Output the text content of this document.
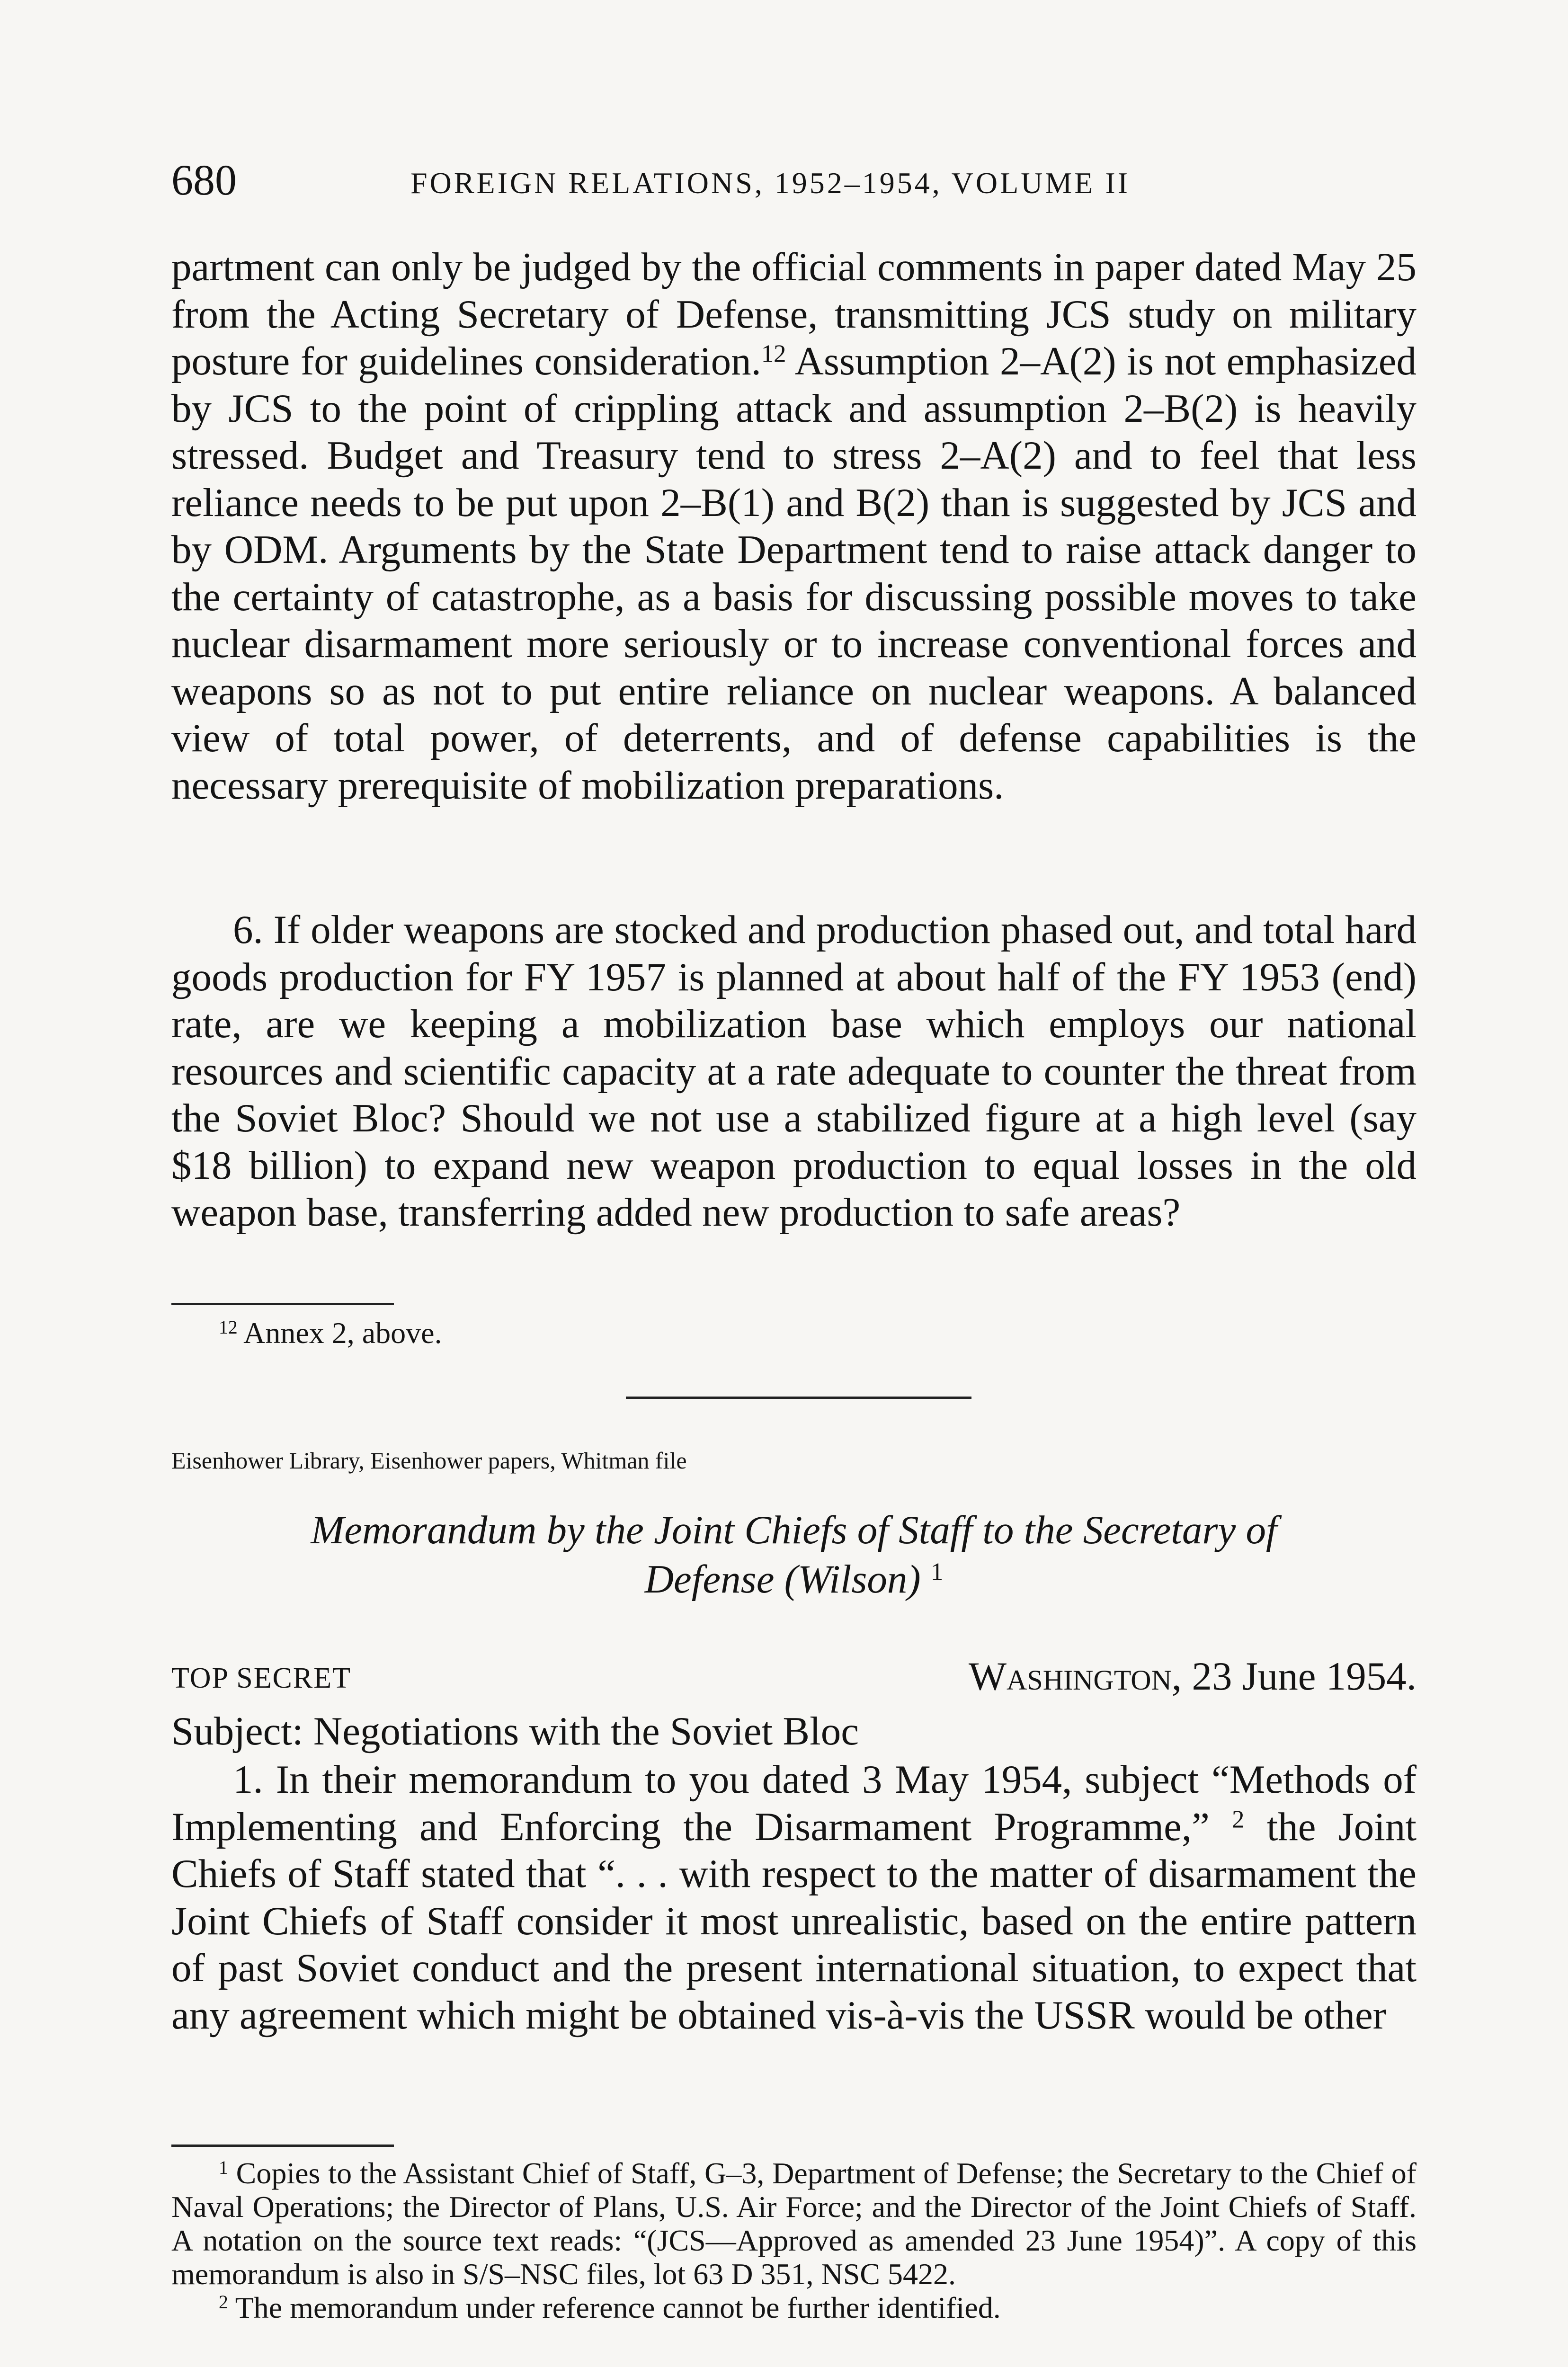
680	FOREIGN RELATIONS, 1952–1954, VOLUME II
partment can only be judged by the official comments in paper dated May 25 from the Acting Secretary of Defense, transmitting JCS study on military posture for guidelines consideration.$^{12}$ Assumption 2–A(2) is not emphasized by JCS to the point of crippling attack and assumption 2–B(2) is heavily stressed. Budget and Treasury tend to stress 2–A(2) and to feel that less reliance needs to be put upon 2–B(1) and B(2) than is suggested by JCS and by ODM. Arguments by the State Department tend to raise attack danger to the certainty of catastrophe, as a basis for discussing possible moves to take nuclear disarmament more seriously or to increase conventional forces and weapons so as not to put entire reliance on nuclear weapons. A balanced view of total power, of deterrents, and of defense capabilities is the necessary prerequisite of mobilization preparations.
6. If older weapons are stocked and production phased out, and total hard goods production for FY 1957 is planned at about half of the FY 1953 (end) rate, are we keeping a mobilization base which employs our national resources and scientific capacity at a rate adequate to counter the threat from the Soviet Bloc? Should we not use a stabilized figure at a high level (say $18 billion) to expand new weapon production to equal losses in the old weapon base, transferring added new production to safe areas?
$^{12}$ Annex 2, above.
Eisenhower Library, Eisenhower papers, Whitman file
Memorandum by the Joint Chiefs of Staff to the Secretary of
Defense (Wilson) $^1$
TOP SECRET	Washington, 23 June 1954.
Subject: Negotiations with the Soviet Bloc
1. In their memorandum to you dated 3 May 1954, subject “Methods of Implementing and Enforcing the Disarmament Programme,” $^2$ the Joint Chiefs of Staff stated that “. . . with respect to the matter of disarmament the Joint Chiefs of Staff consider it most unrealistic, based on the entire pattern of past Soviet conduct and the present international situation, to expect that any agreement which might be obtained vis-à-vis the USSR would be other

$^1$ Copies to the Assistant Chief of Staff, G–3, Department of Defense; the Secretary to the Chief of Naval Operations; the Director of Plans, U.S. Air Force; and the Director of the Joint Chiefs of Staff. A notation on the source text reads: “(JCS—Approved as amended 23 June 1954)”. A copy of this memorandum is also in S/S–NSC files, lot 63 D 351, NSC 5422.

$^2$ The memorandum under reference cannot be further identified.
